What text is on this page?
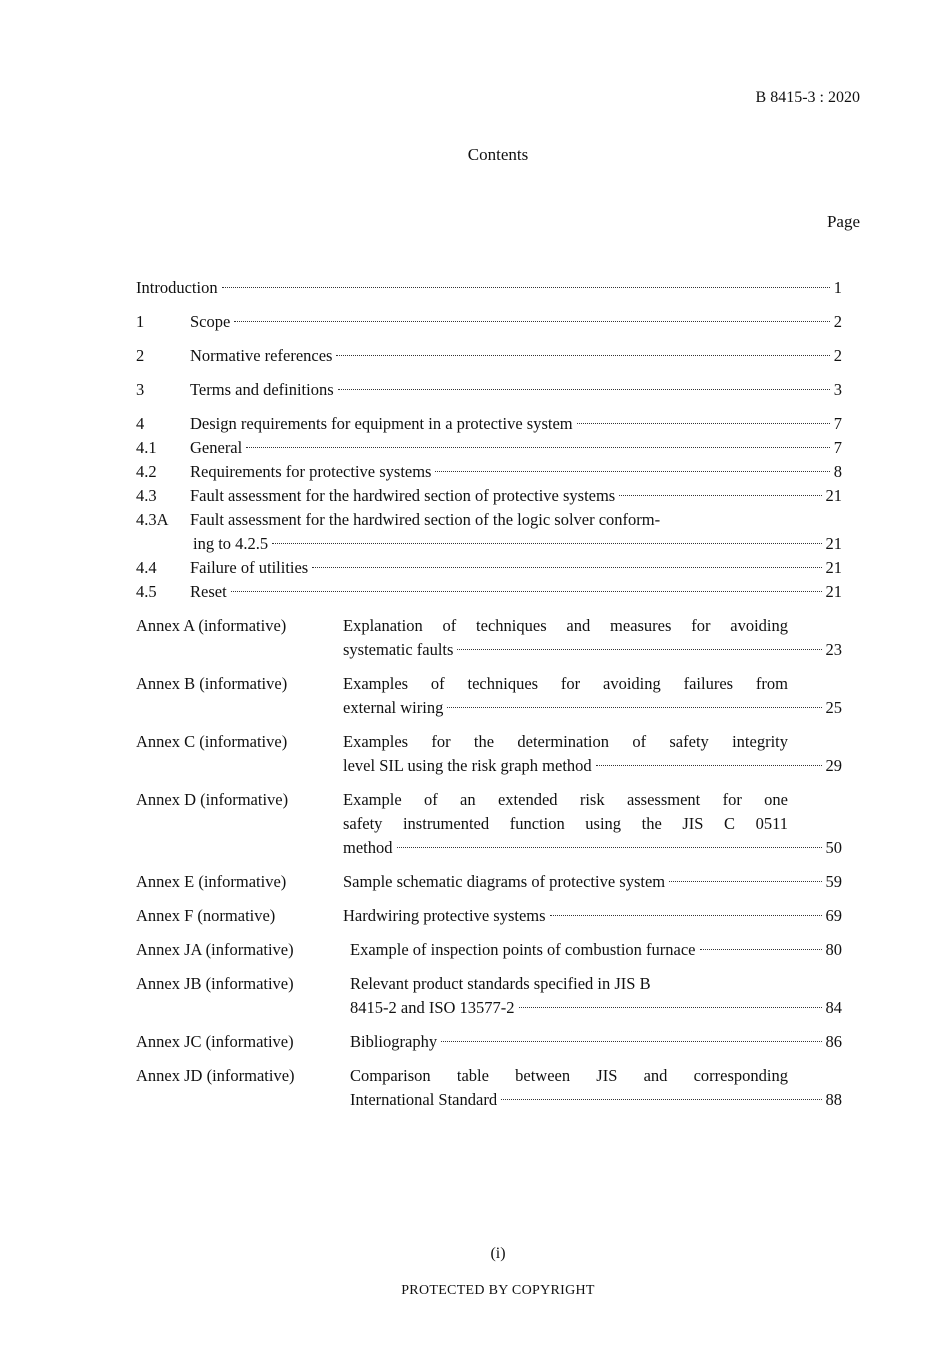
B 8415-3 : 2020
Contents
Page
Introduction	1
1	Scope	2
2	Normative references	2
3	Terms and definitions	3
4	Design requirements for equipment in a protective system	7
4.1	General	7
4.2	Requirements for protective systems	8
4.3	Fault assessment for the hardwired section of protective systems	21
4.3A	Fault assessment for the hardwired section of the logic solver conform-
ing to 4.2.5	21
4.4	Failure of utilities	21
4.5	Reset	21
Annex A (informative)	Explanation of techniques and measures for avoiding
systematic faults	23
Annex B (informative)	Examples of techniques for avoiding failures from
external wiring	25
Annex C (informative)	Examples for the determination of safety integrity
level SIL using the risk graph method	29
Annex D (informative)	Example of an extended risk assessment for one
safety instrumented function using the JIS C 0511
method	50
Annex E (informative)	Sample schematic diagrams of protective system	59
Annex F (normative)	Hardwiring protective systems	69
Annex JA (informative)	Example of inspection points of combustion furnace	80
Annex JB (informative)	Relevant product standards specified in JIS B
8415-2 and ISO 13577-2	84
Annex JC (informative)	Bibliography	86
Annex JD (informative)	Comparison table between JIS and corresponding
International Standard	88
(i)
PROTECTED BY COPYRIGHT
